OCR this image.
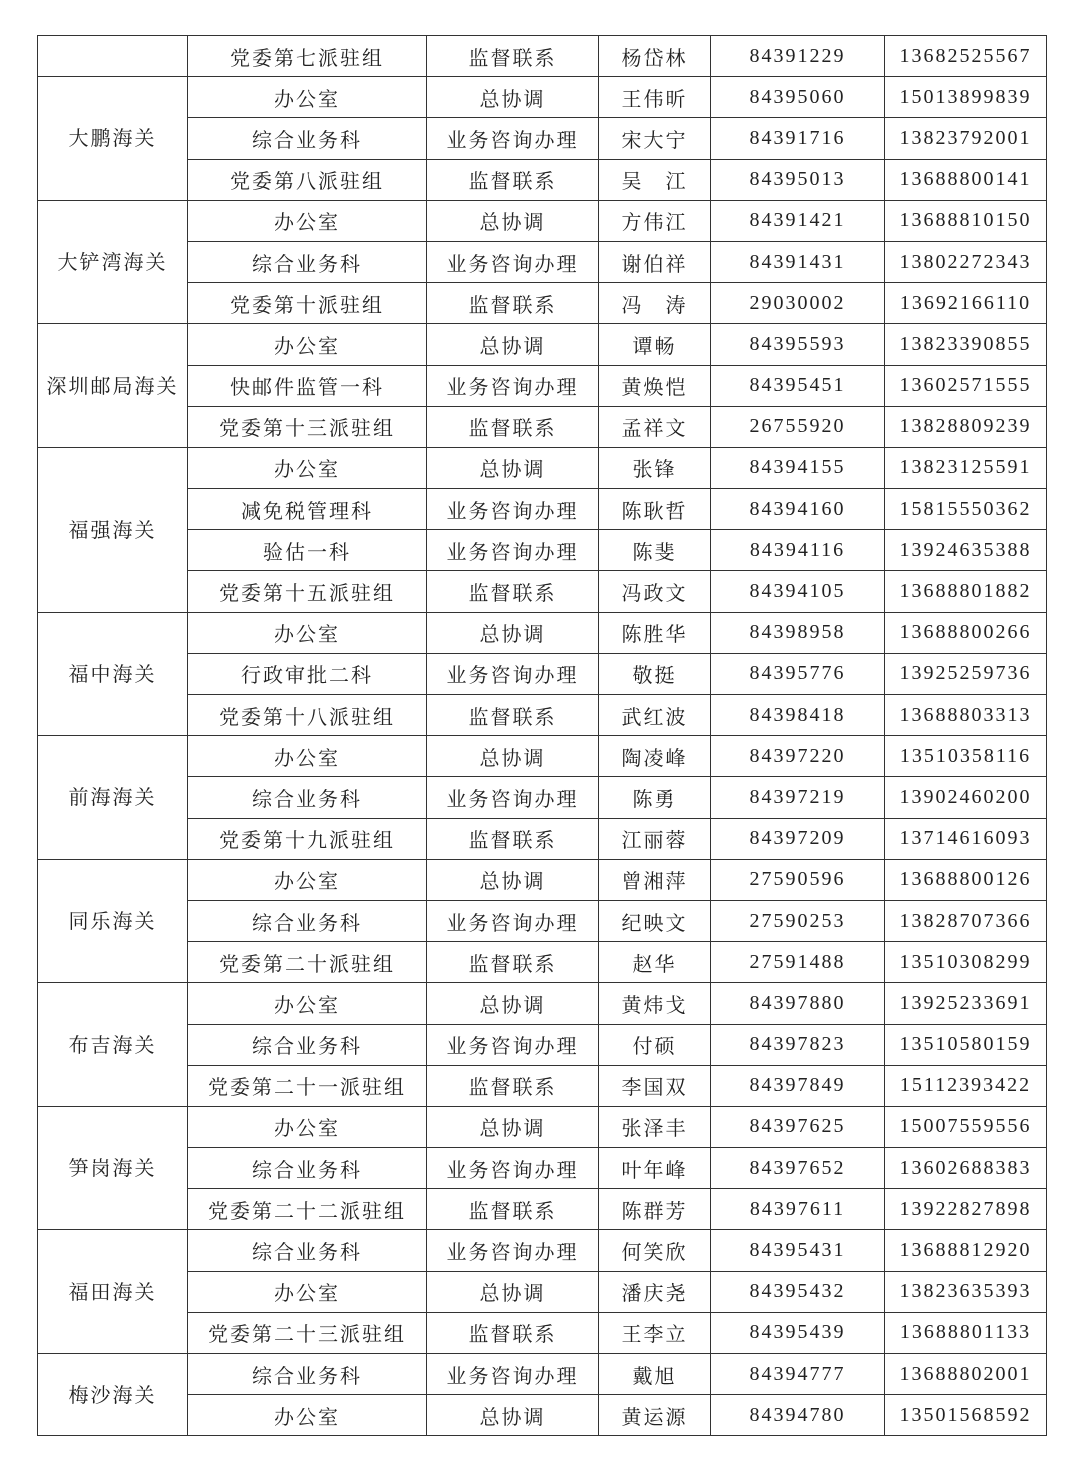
	党委第七派驻组	监督联系	杨岱林	84391229	13682525567
大鹏海关	办公室	总协调	王伟昕	84395060	15013899839
	综合业务科	业务咨询办理	宋大宁	84391716	13823792001
	党委第八派驻组	监督联系	吴　江	84395013	13688800141
大铲湾海关	办公室	总协调	方伟江	84391421	13688810150
	综合业务科	业务咨询办理	谢伯祥	84391431	13802272343
	党委第十派驻组	监督联系	冯　涛	29030002	13692166110
深圳邮局海关	办公室	总协调	谭畅	84395593	13823390855
	快邮件监管一科	业务咨询办理	黄焕恺	84395451	13602571555
	党委第十三派驻组	监督联系	孟祥文	26755920	13828809239
福强海关	办公室	总协调	张锋	84394155	13823125591
	减免税管理科	业务咨询办理	陈耿哲	84394160	15815550362
	验估一科	业务咨询办理	陈斐	84394116	13924635388
	党委第十五派驻组	监督联系	冯政文	84394105	13688801882
福中海关	办公室	总协调	陈胜华	84398958	13688800266
	行政审批二科	业务咨询办理	敬挺	84395776	13925259736
	党委第十八派驻组	监督联系	武红波	84398418	13688803313
前海海关	办公室	总协调	陶凌峰	84397220	13510358116
	综合业务科	业务咨询办理	陈勇	84397219	13902460200
	党委第十九派驻组	监督联系	江丽蓉	84397209	13714616093
同乐海关	办公室	总协调	曾湘萍	27590596	13688800126
	综合业务科	业务咨询办理	纪映文	27590253	13828707366
	党委第二十派驻组	监督联系	赵华	27591488	13510308299
布吉海关	办公室	总协调	黄炜戈	84397880	13925233691
	综合业务科	业务咨询办理	付硕	84397823	13510580159
	党委第二十一派驻组	监督联系	李国双	84397849	15112393422
笋岗海关	办公室	总协调	张泽丰	84397625	15007559556
	综合业务科	业务咨询办理	叶年峰	84397652	13602688383
	党委第二十二派驻组	监督联系	陈群芳	84397611	13922827898
福田海关	综合业务科	业务咨询办理	何笑欣	84395431	13688812920
	办公室	总协调	潘庆尧	84395432	13823635393
	党委第二十三派驻组	监督联系	王李立	84395439	13688801133
梅沙海关	综合业务科	业务咨询办理	戴旭	84394777	13688802001
	办公室	总协调	黄运源	84394780	13501568592
